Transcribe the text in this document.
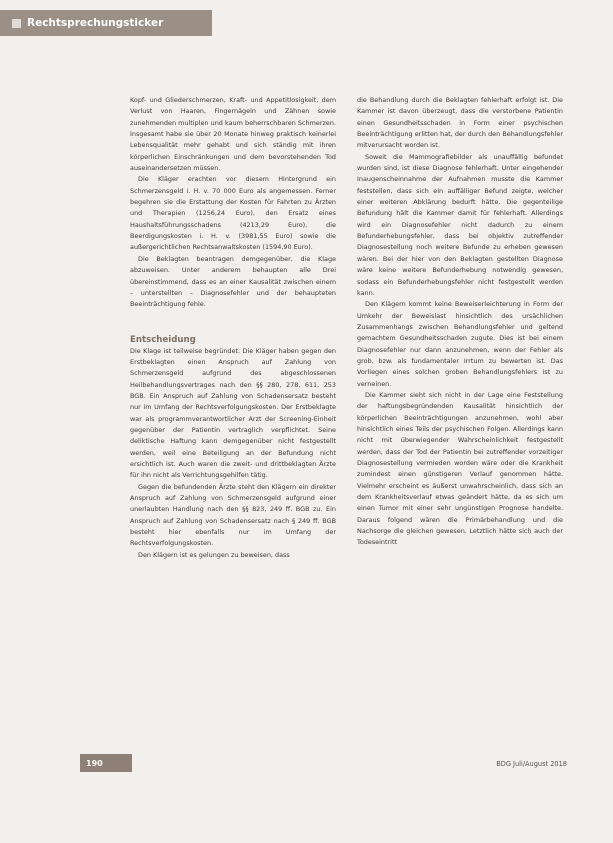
Rechtsprechungsticker

Kopf- und Gliederschmerzen, Kraft- und Appetitlosigkeit, dem Verlust von Haaren, Fingernägeln und Zähnen sowie zunehmenden multiplen und kaum beherrschbaren Schmerzen. Insgesamt habe sie über 20 Monate hinweg praktisch keinerlei Lebensqualität mehr gehabt und sich ständig mit ihren körperlichen Einschränkungen und dem bevorstehenden Tod auseinandersetzen müssen.

Die Kläger erachten vor diesem Hintergrund ein Schmerzensgeld i. H. v. 70 000 Euro als angemessen. Ferner begehren sie die Erstattung der Kosten für Fahrten zu Ärzten und Therapien (1256,24 Euro), den Ersatz eines Haushaltsführungsschadens (4213,29 Euro), die Beerdigungskosten i. H. v. (3981,55 Euro) sowie die außergerichtlichen Rechtsanwaltskosten (1594,90 Euro).

Die Beklagten beantragen demgegenüber, die Klage abzuweisen. Unter anderem behaupten alle Drei übereinstimmend, dass es an einer Kausalität zwischen einem – unterstellten – Diagnosefehler und der behaupteten Beeinträchtigung fehle.

Entscheidung

Die Klage ist teilweise begründet. Die Kläger haben gegen den Erstbeklagten einen Anspruch auf Zahlung von Schmerzensgeld aufgrund des abgeschlossenen Heilbehandlungsvertrages nach den §§ 280, 278, 611, 253 BGB. Ein Anspruch auf Zahlung von Schadensersatz besteht nur im Umfang der Rechtsverfolgungskosten. Der Erstbeklagte war als programmverantwortlicher Arzt der Screening-Einheit gegenüber der Patientin vertraglich verpflichtet. Seine deliktische Haftung kann demgegenüber nicht festgestellt werden, weil eine Beteiligung an der Befundung nicht ersichtlich ist. Auch waren die zweit- und drittbeklagten Ärzte für ihn nicht als Verrichtungsgehilfen tätig.

Gegen die befundenden Ärzte steht den Klägern ein direkter Anspruch auf Zahlung von Schmerzensgeld aufgrund einer unerlaubten Handlung nach den §§ 823, 249 ff. BGB zu. Ein Anspruch auf Zahlung von Schadensersatz nach § 249 ff. BGB besteht hier ebenfalls nur im Umfang der Rechtsverfolgungskosten.

Den Klägern ist es gelungen zu beweisen, dass

die Behandlung durch die Beklagten fehlerhaft erfolgt ist. Die Kammer ist davon überzeugt, dass die verstorbene Patientin einen Gesundheitsschaden in Form einer psychischen Beeinträchtigung erlitten hat, der durch den Behandlungsfehler mitverursacht worden ist.

Soweit die Mammografiebilder als unauffällig befundet wurden sind, ist diese Diagnose fehlerhaft. Unter eingehender Inaugenscheinnahme der Aufnahmen musste die Kammer feststellen, dass sich ein auffälliger Befund zeigte, welcher einer weiteren Abklärung bedurft hätte. Die gegenteilige Befundung hält die Kammer damit für fehlerhaft. Allerdings wird ein Diagnosefehler nicht dadurch zu einem Befunderhebungsfehler, dass bei objektiv zutreffender Diagnosestellung noch weitere Befunde zu erheben gewesen wären. Bei der hier von den Beklagten gestellten Diagnose wäre keine weitere Befunderhebung notwendig gewesen, sodass ein Befunderhebungsfehler nicht festgestellt werden kann.

Den Klägern kommt keine Beweiserleichterung in Form der Umkehr der Beweislast hinsichtlich des ursächlichen Zusammenhangs zwischen Behandlungsfehler und geltend gemachtem Gesundheitsschaden zugute. Dies ist bei einem Diagnosefehler nur dann anzunehmen, wenn der Fehler als grob, bzw. als fundamentaler Irrtum zu bewerten ist. Das Vorliegen eines solchen groben Behandlungsfehlers ist zu verneinen.

Die Kammer sieht sich nicht in der Lage eine Feststellung der haftungsbegründenden Kausalität hinsichtlich der körperlichen Beeinträchtigungen anzunehmen, wohl aber hinsichtlich eines Teils der psychischen Folgen. Allerdings kann nicht mit überwiegender Wahrscheinlichkeit festgestellt werden, dass der Tod der Patientin bei zutreffender vorzeitiger Diagnosestellung vermieden worden wäre oder die Krankheit zumindest einen günstigeren Verlauf genommen hätte. Vielmehr erscheint es äußerst unwahrscheinlich, dass sich an dem Krankheitsverlauf etwas geändert hätte, da es sich um einen Tumor mit einer sehr ungünstigen Prognose handelte. Daraus folgend wären die Primärbehandlung und die Nachsorge die gleichen gewesen. Letztlich hätte sich auch der Todeseintritt

190	BDG Juli/August 2018
